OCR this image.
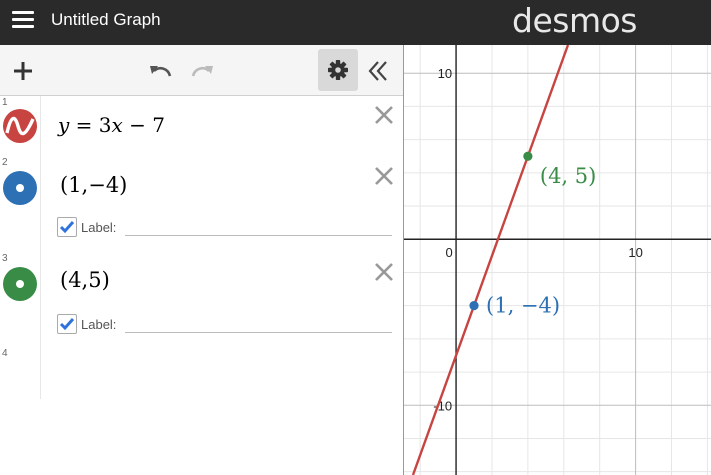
Untitled Graph	desmos
1
y = 3x − 7
2
(1,−4)
Label:
3
(4,5)
Label:
4
0	10
10
-10
(1, −4)
(4, 5)
